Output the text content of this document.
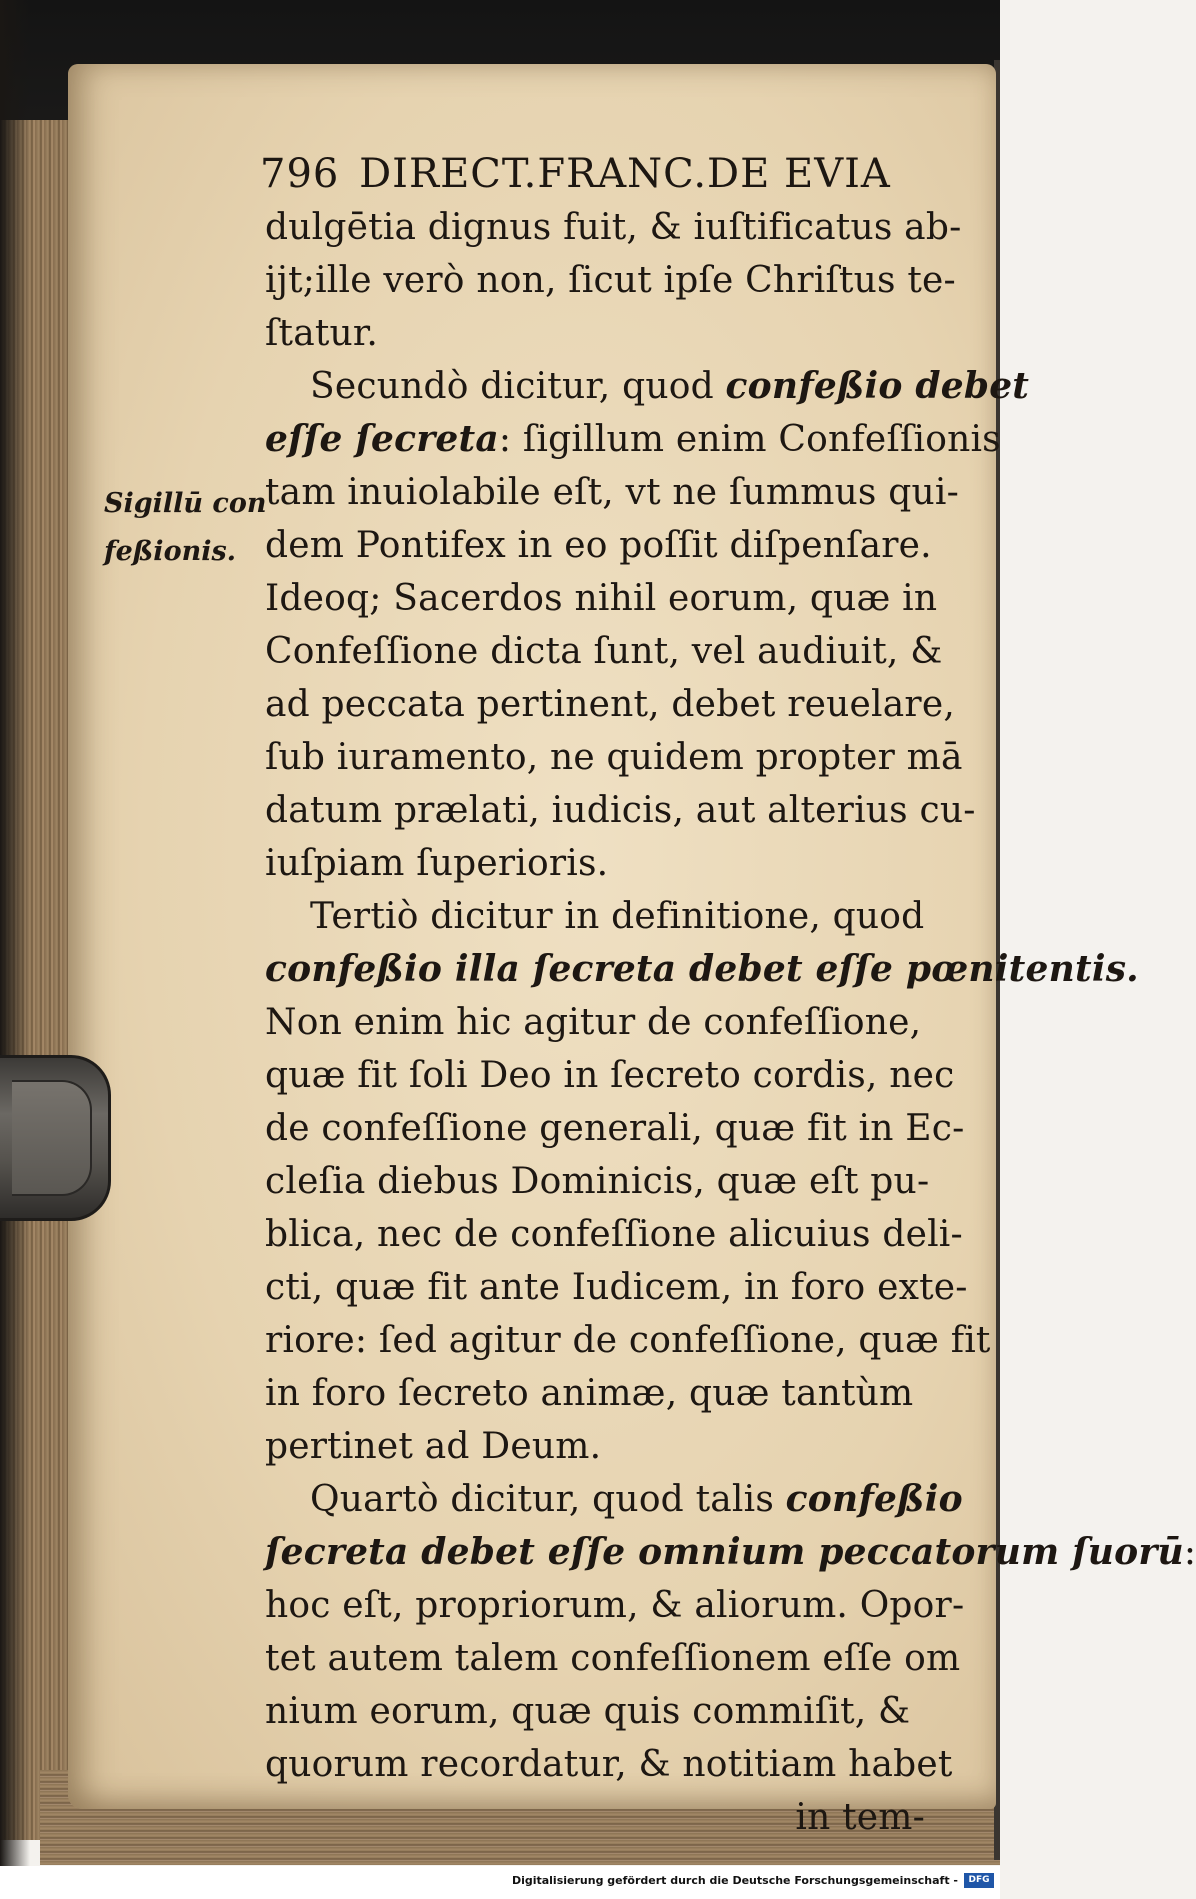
Sigillū con
feßionis.
796 DIRECT.FRANC.DE EVIA
dulgētia dignus fuit, & iuſtificatus ab-
ijt;ille verò non, ſicut ipſe Chriſtus te-
ſtatur.
Secundò dicitur, quod confeßio debet
eſſe ſecreta: ſigillum enim Confeſſionis
tam inuiolabile eſt, vt ne ſummus qui-
dem Pontifex in eo poſſit diſpenſare.
Ideoq; Sacerdos nihil eorum, quæ in
Confeſſione dicta ſunt, vel audiuit, &
ad peccata pertinent, debet reuelare,
ſub iuramento, ne quidem propter mā
datum prælati, iudicis, aut alterius cu-
iuſpiam ſuperioris.
Tertiò dicitur in definitione, quod
confeßio illa ſecreta debet eſſe pœnitentis.
Non enim hic agitur de confeſſione,
quæ fit ſoli Deo in ſecreto cordis, nec
de confeſſione generali, quæ fit in Ec-
cleſia diebus Dominicis, quæ eſt pu-
blica, nec de confeſſione alicuius deli-
cti, quæ fit ante Iudicem, in foro exte-
riore: ſed agitur de confeſſione, quæ fit
in foro ſecreto animæ, quæ tantùm
pertinet ad Deum.
Quartò dicitur, quod talis confeßio
ſecreta debet eſſe omnium peccatorum ſuorū:
hoc eſt, propriorum, & aliorum. Opor-
tet autem talem confeſſionem eſſe om
nium eorum, quæ quis commiſit, &
quorum recordatur, & notitiam habet
in tem-
Digitalisierung gefördert durch die Deutsche Forschungsgemeinschaft -	DFG
